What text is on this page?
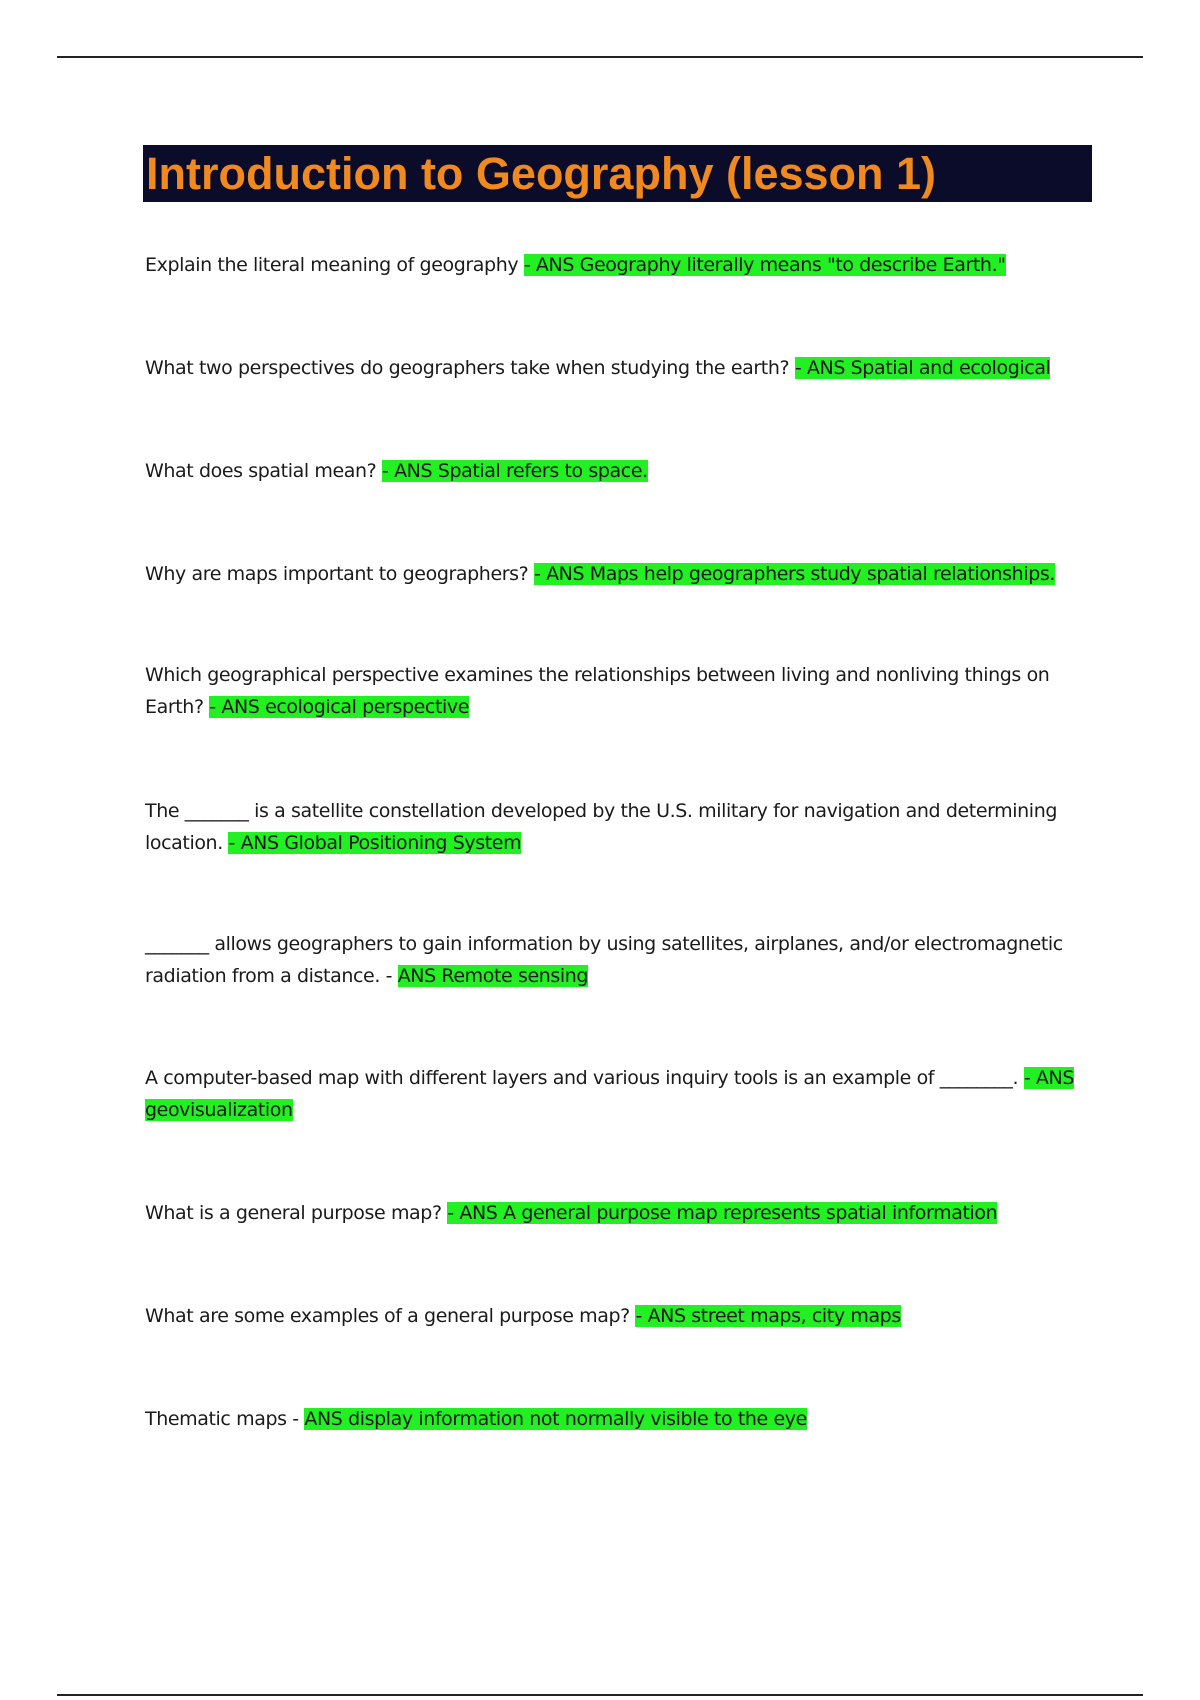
Introduction to Geography (lesson 1)
Explain the literal meaning of geography - ANS Geography literally means "to describe Earth."
What two perspectives do geographers take when studying the earth? - ANS Spatial and ecological
What does spatial mean? - ANS Spatial refers to space.
Why are maps important to geographers? - ANS Maps help geographers study spatial relationships.
Which geographical perspective examines the relationships between living and nonliving things on Earth? - ANS ecological perspective
The _______ is a satellite constellation developed by the U.S. military for navigation and determining location. - ANS Global Positioning System
_______ allows geographers to gain information by using satellites, airplanes, and/or electromagnetic radiation from a distance. - ANS Remote sensing
A computer-based map with different layers and various inquiry tools is an example of ________. - ANS geovisualization
What is a general purpose map? - ANS A general purpose map represents spatial information
What are some examples of a general purpose map? - ANS street maps, city maps
Thematic maps - ANS display information not normally visible to the eye
